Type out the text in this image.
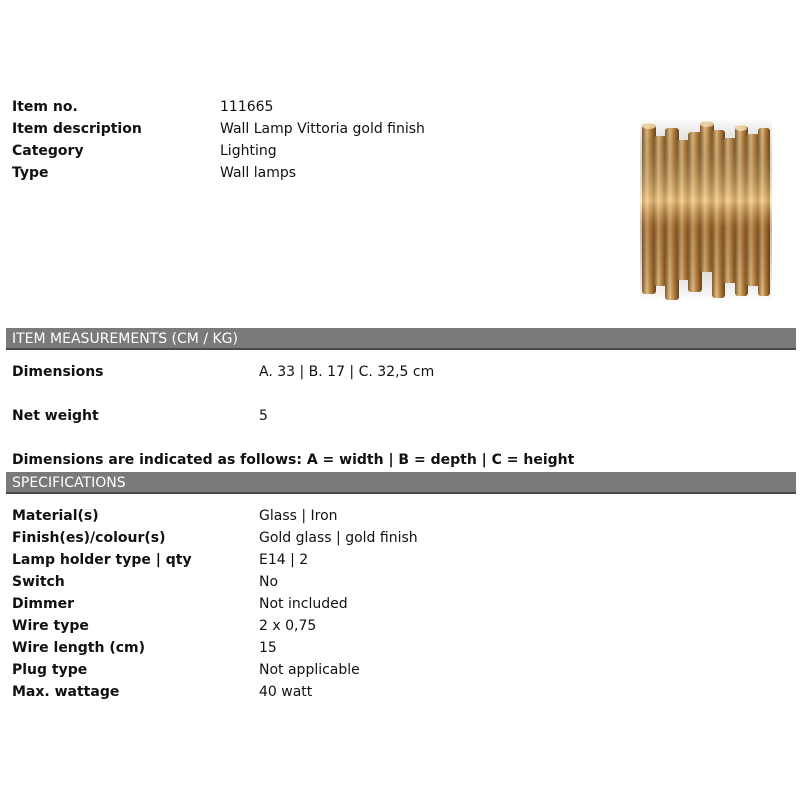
Item no.	111665
Item description	Wall Lamp Vittoria gold finish
Category	Lighting
Type	Wall lamps
ITEM MEASUREMENTS (CM / KG)
Dimensions	A. 33 | B. 17 | C. 32,5 cm
Net weight	5
Dimensions are indicated as follows: A = width | B = depth | C = height
SPECIFICATIONS
Material(s)	Glass | Iron
Finish(es)/colour(s)	Gold glass | gold finish
Lamp holder type | qty	E14 | 2
Switch	No
Dimmer	Not included
Wire type	2 x 0,75
Wire length (cm)	15
Plug type	Not applicable
Max. wattage	40 watt
